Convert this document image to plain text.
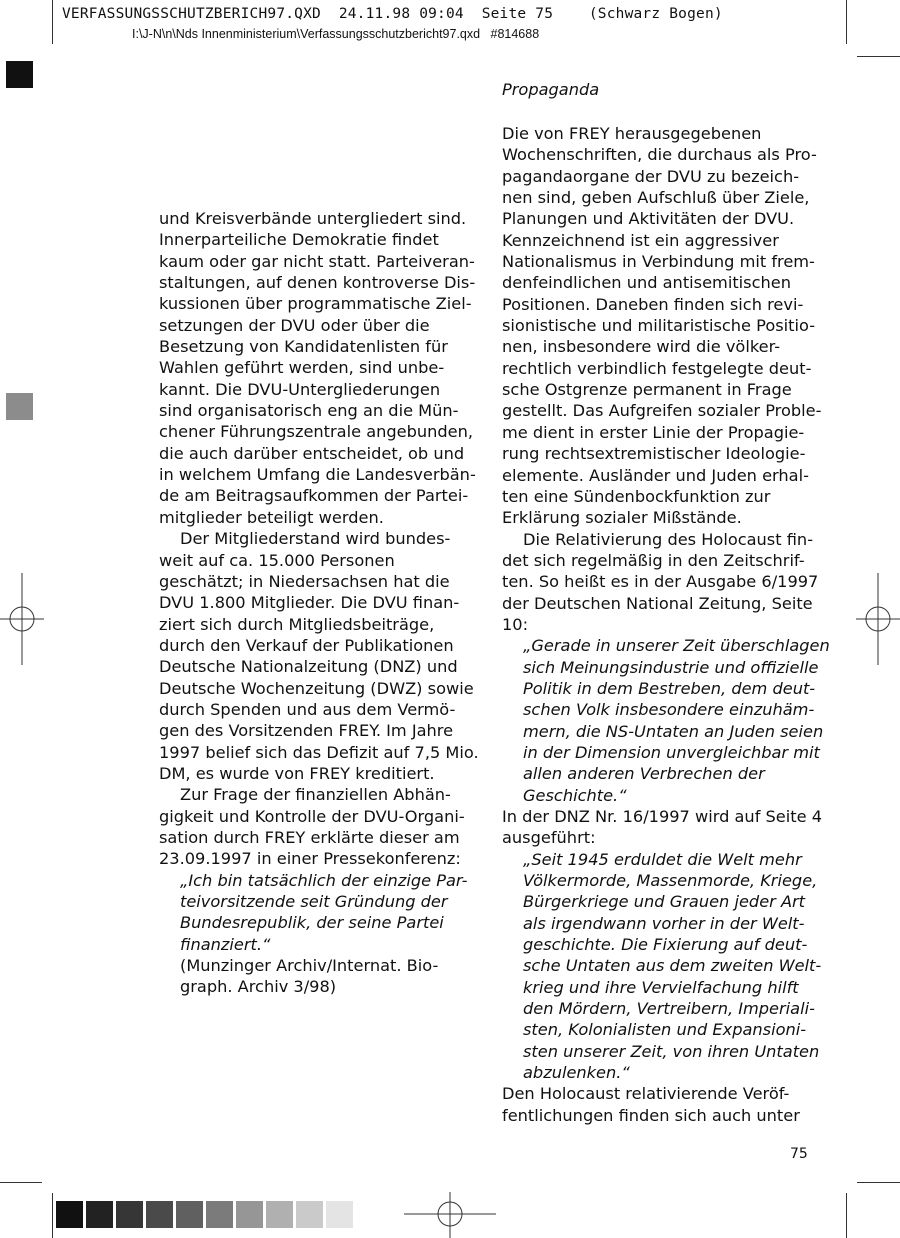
VERFASSUNGSSCHUTZBERICH97.QXD  24.11.98 09:04  Seite 75    (Schwarz Bogen)
I:\J-N\n\Nds Innenministerium\Verfassungsschutzbericht97.qxd   #814688
Propaganda

und Kreisverbände untergliedert sind.
Innerparteiliche Demokratie findet
kaum oder gar nicht statt. Parteiveran-
staltungen, auf denen kontroverse Dis-
kussionen über programmatische Ziel-
setzungen der DVU oder über die
Besetzung von Kandidatenlisten für
Wahlen geführt werden, sind unbe-
kannt. Die DVU-Untergliederungen
sind organisatorisch eng an die Mün-
chener Führungszentrale angebunden,
die auch darüber entscheidet, ob und
in welchem Umfang die Landesverbän-
de am Beitragsaufkommen der Partei-
mitglieder beteiligt werden.

Der Mitgliederstand wird bundes-
weit auf ca. 15.000 Personen
geschätzt; in Niedersachsen hat die
DVU 1.800 Mitglieder. Die DVU finan-
ziert sich durch Mitgliedsbeiträge,
durch den Verkauf der Publikationen
Deutsche Nationalzeitung (DNZ) und
Deutsche Wochenzeitung (DWZ) sowie
durch Spenden und aus dem Vermö-
gen des Vorsitzenden FREY. Im Jahre
1997 belief sich das Defizit auf 7,5 Mio.
DM, es wurde von FREY kreditiert.

Zur Frage der finanziellen Abhän-
gigkeit und Kontrolle der DVU-Organi-
sation durch FREY erklärte dieser am
23.09.1997 in einer Pressekonferenz:

„Ich bin tatsächlich der einzige Par-
teivorsitzende seit Gründung der
Bundesrepublik, der seine Partei
finanziert.“

(Munzinger Archiv/Internat. Bio-
graph. Archiv 3/98)

Die von FREY herausgegebenen
Wochenschriften, die durchaus als Pro-
pagandaorgane der DVU zu bezeich-
nen sind, geben Aufschluß über Ziele,
Planungen und Aktivitäten der DVU.
Kennzeichnend ist ein aggressiver
Nationalismus in Verbindung mit frem-
denfeindlichen und antisemitischen
Positionen. Daneben finden sich revi-
sionistische und militaristische Positio-
nen, insbesondere wird die völker-
rechtlich verbindlich festgelegte deut-
sche Ostgrenze permanent in Frage
gestellt. Das Aufgreifen sozialer Proble-
me dient in erster Linie der Propagie-
rung rechtsextremistischer Ideologie-
elemente. Ausländer und Juden erhal-
ten eine Sündenbockfunktion zur
Erklärung sozialer Mißstände.

Die Relativierung des Holocaust fin-
det sich regelmäßig in den Zeitschrif-
ten. So heißt es in der Ausgabe 6/1997
der Deutschen National Zeitung, Seite
10:

„Gerade in unserer Zeit überschlagen
sich Meinungsindustrie und offizielle
Politik in dem Bestreben, dem deut-
schen Volk insbesondere einzuhäm-
mern, die NS-Untaten an Juden seien
in der Dimension unvergleichbar mit
allen anderen Verbrechen der
Geschichte.“

In der DNZ Nr. 16/1997 wird auf Seite 4
ausgeführt:

„Seit 1945 erduldet die Welt mehr
Völkermorde, Massenmorde, Kriege,
Bürgerkriege und Grauen jeder Art
als irgendwann vorher in der Welt-
geschichte. Die Fixierung auf deut-
sche Untaten aus dem zweiten Welt-
krieg und ihre Vervielfachung hilft
den Mördern, Vertreibern, Imperiali-
sten, Kolonialisten und Expansioni-
sten unserer Zeit, von ihren Untaten
abzulenken.“

Den Holocaust relativierende Veröf-
fentlichungen finden sich auch unter

75
